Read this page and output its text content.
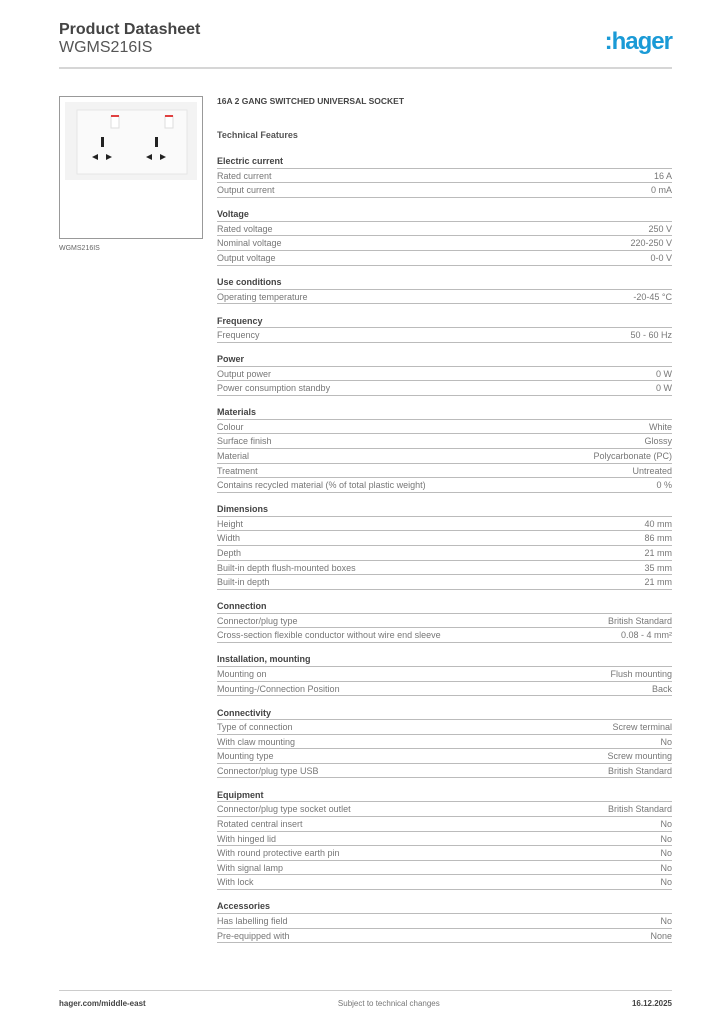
Product Datasheet
WGMS216IS	:hager
WGMS216IS
16A 2 GANG SWITCHED UNIVERSAL SOCKET
Technical Features
Electric current
Rated current	16 A
Output current	0 mA
Voltage
Rated voltage	250 V
Nominal voltage	220-250 V
Output voltage	0-0 V
Use conditions
Operating temperature	-20-45 °C
Frequency
Frequency	50 - 60 Hz
Power
Output power	0 W
Power consumption standby	0 W
Materials
Colour	White
Surface finish	Glossy
Material	Polycarbonate (PC)
Treatment	Untreated
Contains recycled material (% of total plastic weight)	0 %
Dimensions
Height	40 mm
Width	86 mm
Depth	21 mm
Built-in depth flush-mounted boxes	35 mm
Built-in depth	21 mm
Connection
Connector/plug type	British Standard
Cross-section flexible conductor without wire end sleeve	0.08 - 4 mm²
Installation, mounting
Mounting on	Flush mounting
Mounting-/Connection Position	Back
Connectivity
Type of connection	Screw terminal
With claw mounting	No
Mounting type	Screw mounting
Connector/plug type USB	British Standard
Equipment
Connector/plug type socket outlet	British Standard
Rotated central insert	No
With hinged lid	No
With round protective earth pin	No
With signal lamp	No
With lock	No
Accessories
Has labelling field	No
Pre-equipped with	None
hager.com/middle-east	Subject to technical changes	16.12.2025
